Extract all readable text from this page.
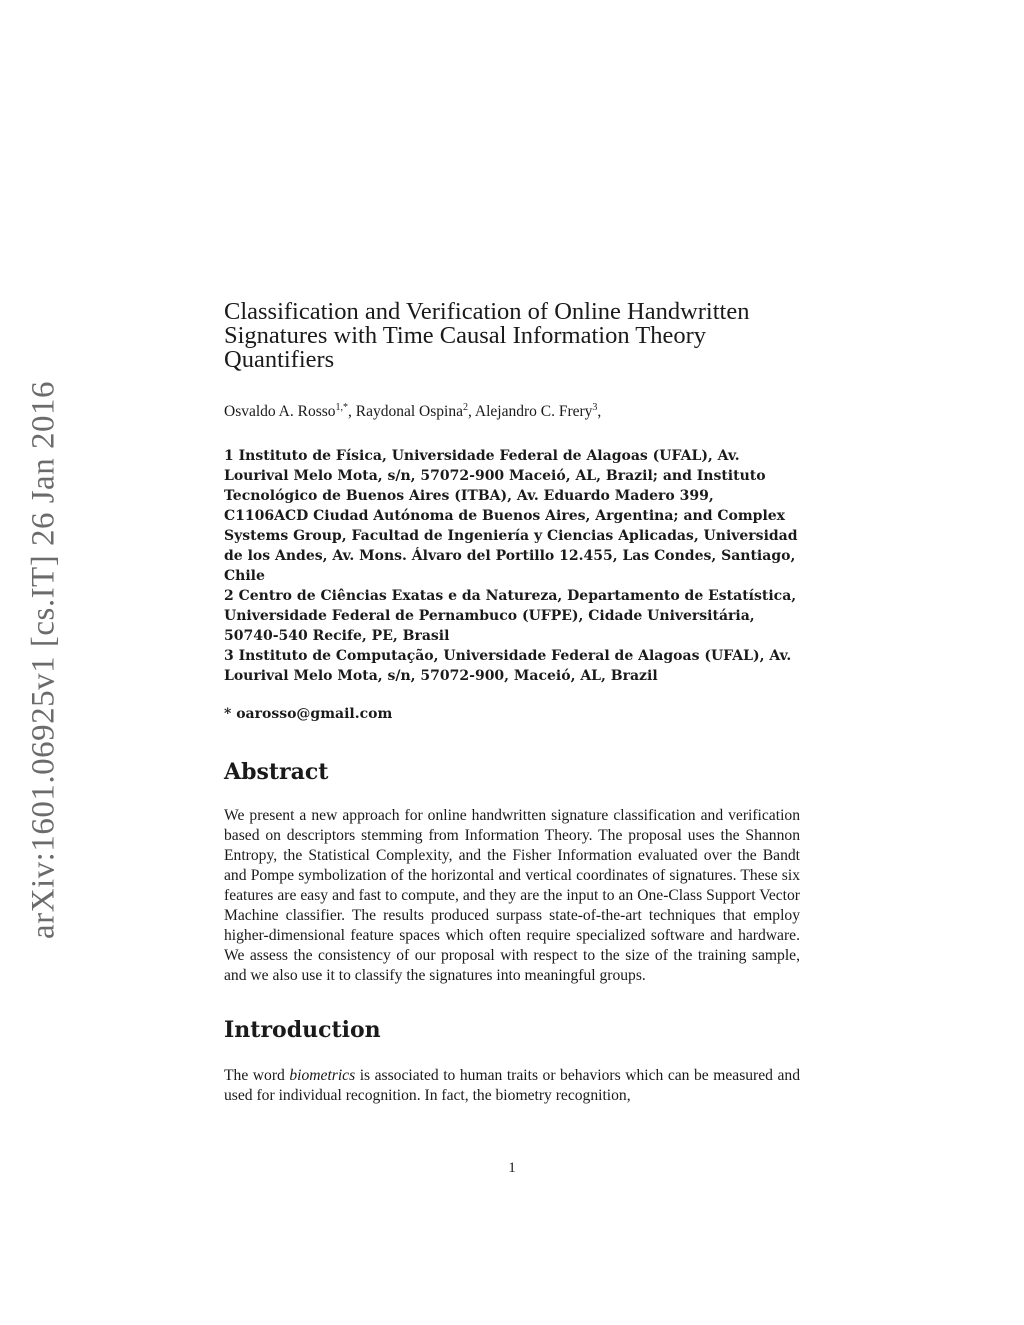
arXiv:1601.06925v1 [cs.IT] 26 Jan 2016
Classification and Verification of Online Handwritten Signatures with Time Causal Information Theory Quantifiers
Osvaldo A. Rosso$^{1,*}$, Raydonal Ospina$^2$, Alejandro C. Frery$^3$,
1 Instituto de Física, Universidade Federal de Alagoas (UFAL), Av. Lourival Melo Mota, s/n, 57072-900 Maceió, AL, Brazil; and Instituto Tecnológico de Buenos Aires (ITBA), Av. Eduardo Madero 399, C1106ACD Ciudad Autónoma de Buenos Aires, Argentina; and Complex Systems Group, Facultad de Ingeniería y Ciencias Aplicadas, Universidad de los Andes, Av. Mons. Álvaro del Portillo 12.455, Las Condes, Santiago, Chile
2 Centro de Ciências Exatas e da Natureza, Departamento de Estatística, Universidade Federal de Pernambuco (UFPE), Cidade Universitária, 50740-540 Recife, PE, Brasil
3 Instituto de Computação, Universidade Federal de Alagoas (UFAL), Av. Lourival Melo Mota, s/n, 57072-900, Maceió, AL, Brazil
* oarosso@gmail.com
Abstract

We present a new approach for online handwritten signature classification and verification based on descriptors stemming from Information Theory. The proposal uses the Shannon Entropy, the Statistical Complexity, and the Fisher Information evaluated over the Bandt and Pompe symbolization of the horizontal and vertical coordinates of signatures. These six features are easy and fast to compute, and they are the input to an One-Class Support Vector Machine classifier. The results produced surpass state-of-the-art techniques that employ higher-dimensional feature spaces which often require specialized software and hardware. We assess the consistency of our proposal with respect to the size of the training sample, and we also use it to classify the signatures into meaningful groups.

Introduction

The word biometrics is associated to human traits or behaviors which can be measured and used for individual recognition. In fact, the biometry recognition,

1
